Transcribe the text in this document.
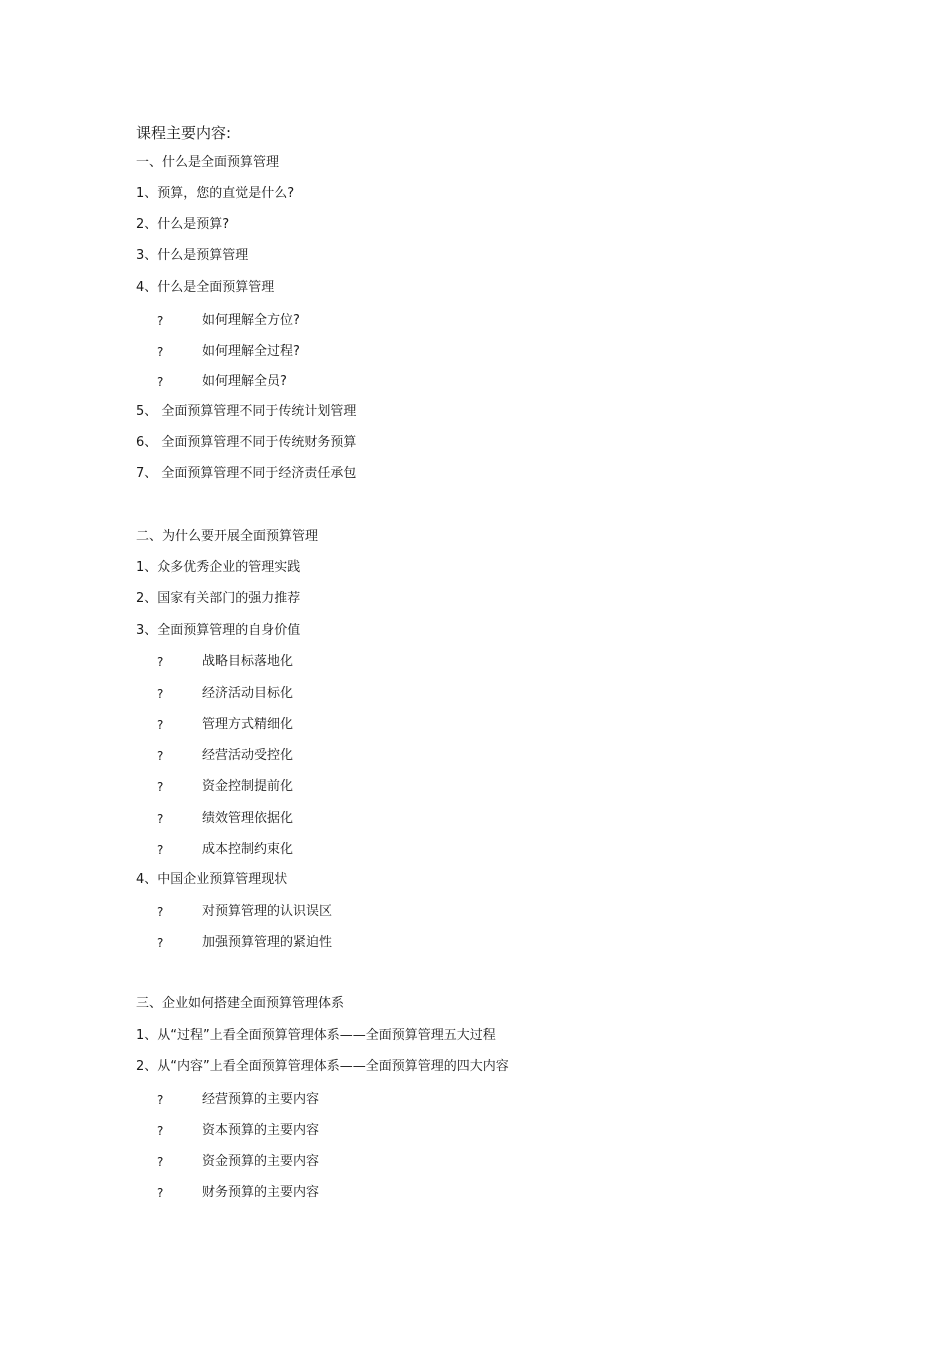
课程主要内容:
一、什么是全面预算管理
1、预算，您的直觉是什么?
2、什么是预算?
3、什么是预算管理
4、什么是全面预算管理
?	如何理解全方位?
?	如何理解全过程?
?	如何理解全员?
5、 全面预算管理不同于传统计划管理
6、 全面预算管理不同于传统财务预算
7、 全面预算管理不同于经济责任承包
二、为什么要开展全面预算管理
1、众多优秀企业的管理实践
2、国家有关部门的强力推荐
3、全面预算管理的自身价值
?	战略目标落地化
?	经济活动目标化
?	管理方式精细化
?	经营活动受控化
?	资金控制提前化
?	绩效管理依据化
?	成本控制约束化
4、中国企业预算管理现状
?	对预算管理的认识误区
?	加强预算管理的紧迫性
三、企业如何搭建全面预算管理体系
1、从“过程”上看全面预算管理体系——全面预算管理五大过程
2、从“内容”上看全面预算管理体系——全面预算管理的四大内容
?	经营预算的主要内容
?	资本预算的主要内容
?	资金预算的主要内容
?	财务预算的主要内容
